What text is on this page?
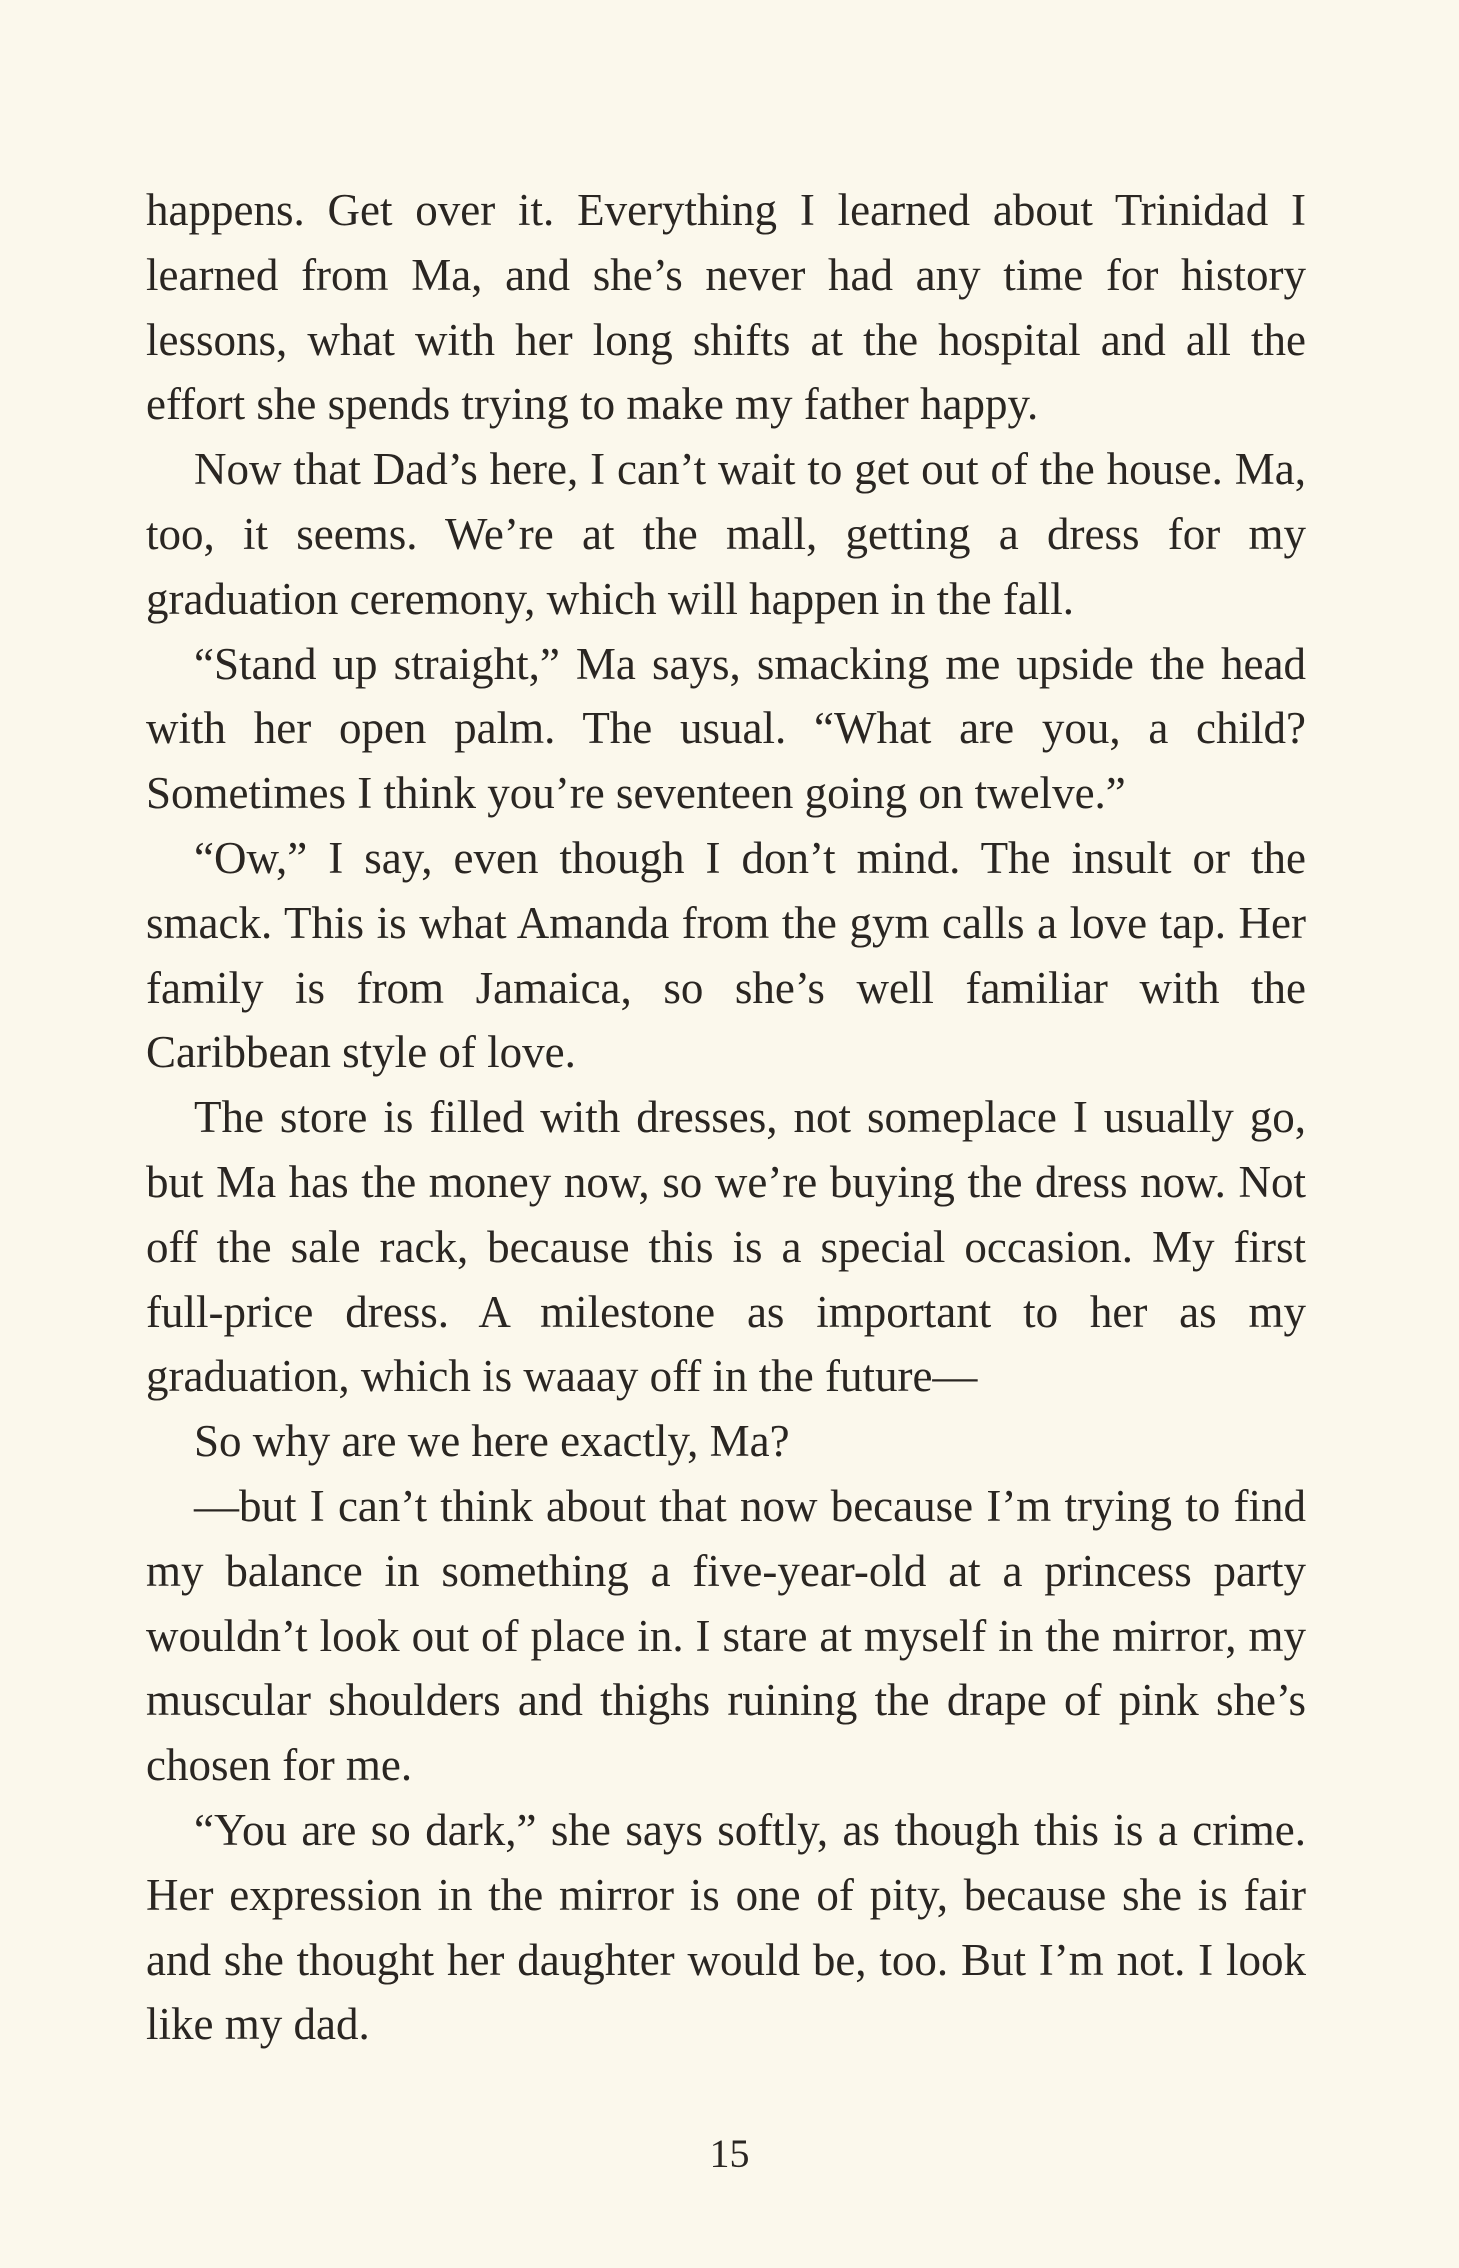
happens. Get over it. Everything I learned about Trinidad I learned from Ma, and she’s never had any time for history lessons, what with her long shifts at the hospital and all the effort she spends trying to make my father happy.

Now that Dad’s here, I can’t wait to get out of the house. Ma, too, it seems. We’re at the mall, getting a dress for my graduation ceremony, which will happen in the fall.

“Stand up straight,” Ma says, smacking me upside the head with her open palm. The usual. “What are you, a child? Sometimes I think you’re seventeen going on twelve.”

“Ow,” I say, even though I don’t mind. The insult or the smack. This is what Amanda from the gym calls a love tap. Her family is from Jamaica, so she’s well familiar with the Caribbean style of love.

The store is filled with dresses, not someplace I usually go, but Ma has the money now, so we’re buying the dress now. Not off the sale rack, because this is a special occasion. My first full-price dress. A milestone as important to her as my graduation, which is waaay off in the future—

So why are we here exactly, Ma?

—but I can’t think about that now because I’m trying to find my balance in something a five-year-old at a princess party wouldn’t look out of place in. I stare at myself in the mirror, my muscular shoulders and thighs ruining the drape of pink she’s chosen for me.

“You are so dark,” she says softly, as though this is a crime. Her expression in the mirror is one of pity, because she is fair and she thought her daughter would be, too. But I’m not. I look like my dad.

15
